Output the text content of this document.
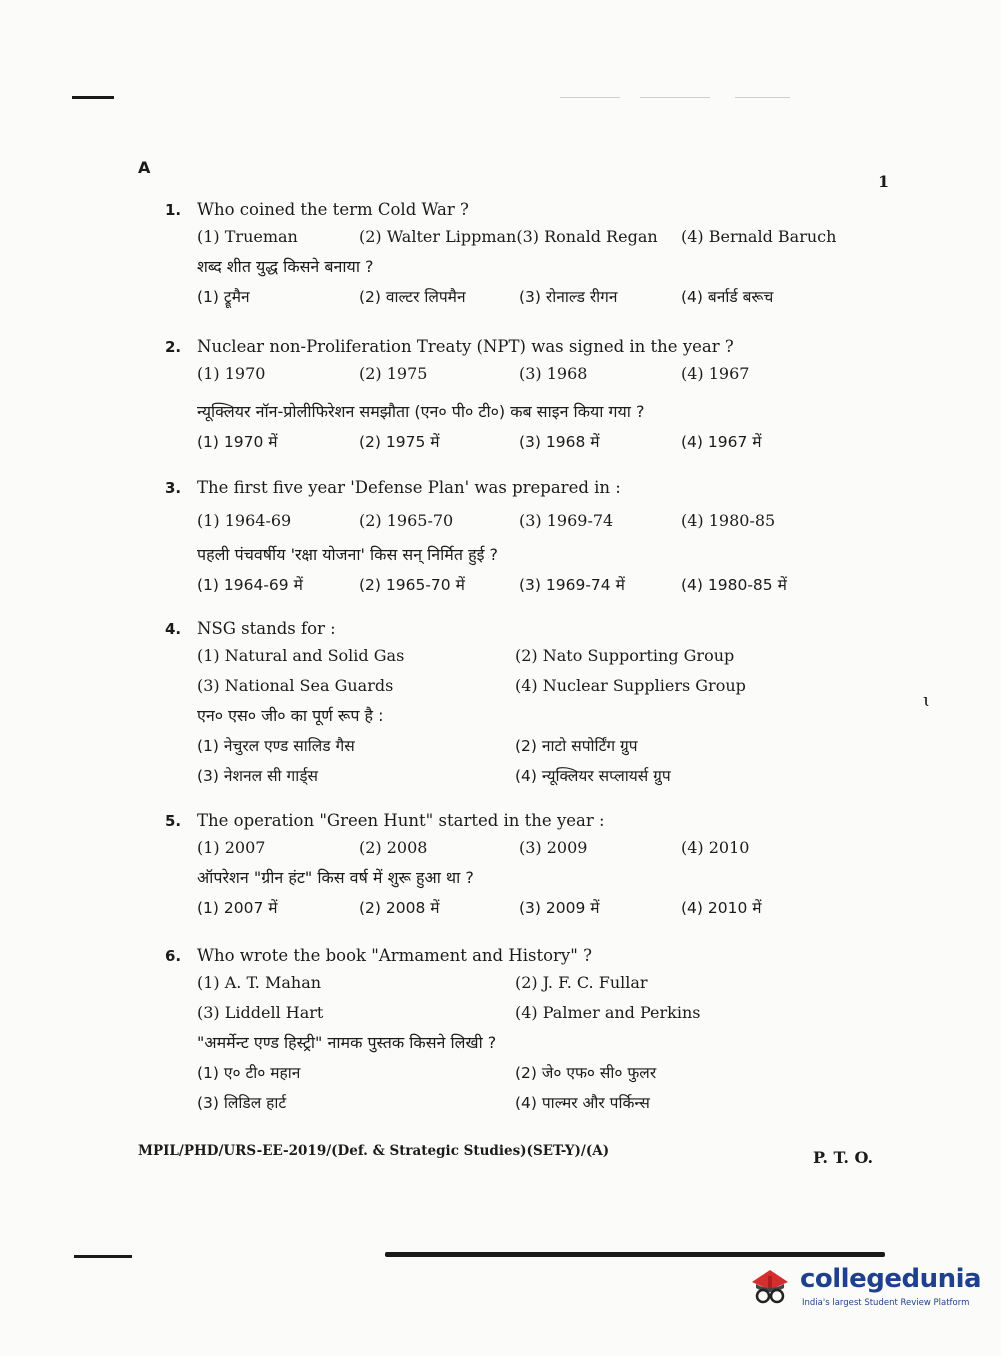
ɩ
A
1
1. Who coined the term Cold War ?
(1) Trueman	(2) Walter Lippman(3) Ronald Regan	(4) Bernald Baruch
शब्द शीत युद्ध किसने बनाया ?
(1) ट्रूमैन	(2) वाल्टर लिपमैन	(3) रोनाल्ड रीगन	(4) बर्नार्ड बरूच
2. Nuclear non-Proliferation Treaty (NPT) was signed in the year ?
(1) 1970	(2) 1975	(3) 1968	(4) 1967
न्यूक्लियर नॉन-प्रोलीफिरेशन समझौता (एन० पी० टी०) कब साइन किया गया ?
(1) 1970 में	(2) 1975 में	(3) 1968 में	(4) 1967 में
3. The first five year 'Defense Plan' was prepared in :
(1) 1964-69	(2) 1965-70	(3) 1969-74	(4) 1980-85
पहली पंचवर्षीय 'रक्षा योजना' किस सन् निर्मित हुई ?
(1) 1964-69 में	(2) 1965-70 में	(3) 1969-74 में	(4) 1980-85 में
4. NSG stands for :
(1) Natural and Solid Gas	(2) Nato Supporting Group
(3) National Sea Guards	(4) Nuclear Suppliers Group
एन० एस० जी० का पूर्ण रूप है :
(1) नेचुरल एण्ड सालिड गैस	(2) नाटो सपोर्टिंग ग्रुप
(3) नेशनल सी गार्ड्स	(4) न्यूक्लियर सप्लायर्स ग्रुप
5. The operation "Green Hunt" started in the year :
(1) 2007	(2) 2008	(3) 2009	(4) 2010
ऑपरेशन "ग्रीन हंट" किस वर्ष में शुरू हुआ था ?
(1) 2007 में	(2) 2008 में	(3) 2009 में	(4) 2010 में
6. Who wrote the book "Armament and History" ?
(1) A. T. Mahan	(2) J. F. C. Fullar
(3) Liddell Hart	(4) Palmer and Perkins
"अमर्मेन्ट एण्ड हिस्ट्री" नामक पुस्तक किसने लिखी ?
(1) ए० टी० महान	(2) जे० एफ० सी० फुलर
(3) लिडिल हार्ट	(4) पाल्मर और पर्किन्स
MPIL/PHD/URS-EE-2019/(Def. & Strategic Studies)(SET-Y)/(A)	P. T. O.
collegedunia
India's largest Student Review Platform
